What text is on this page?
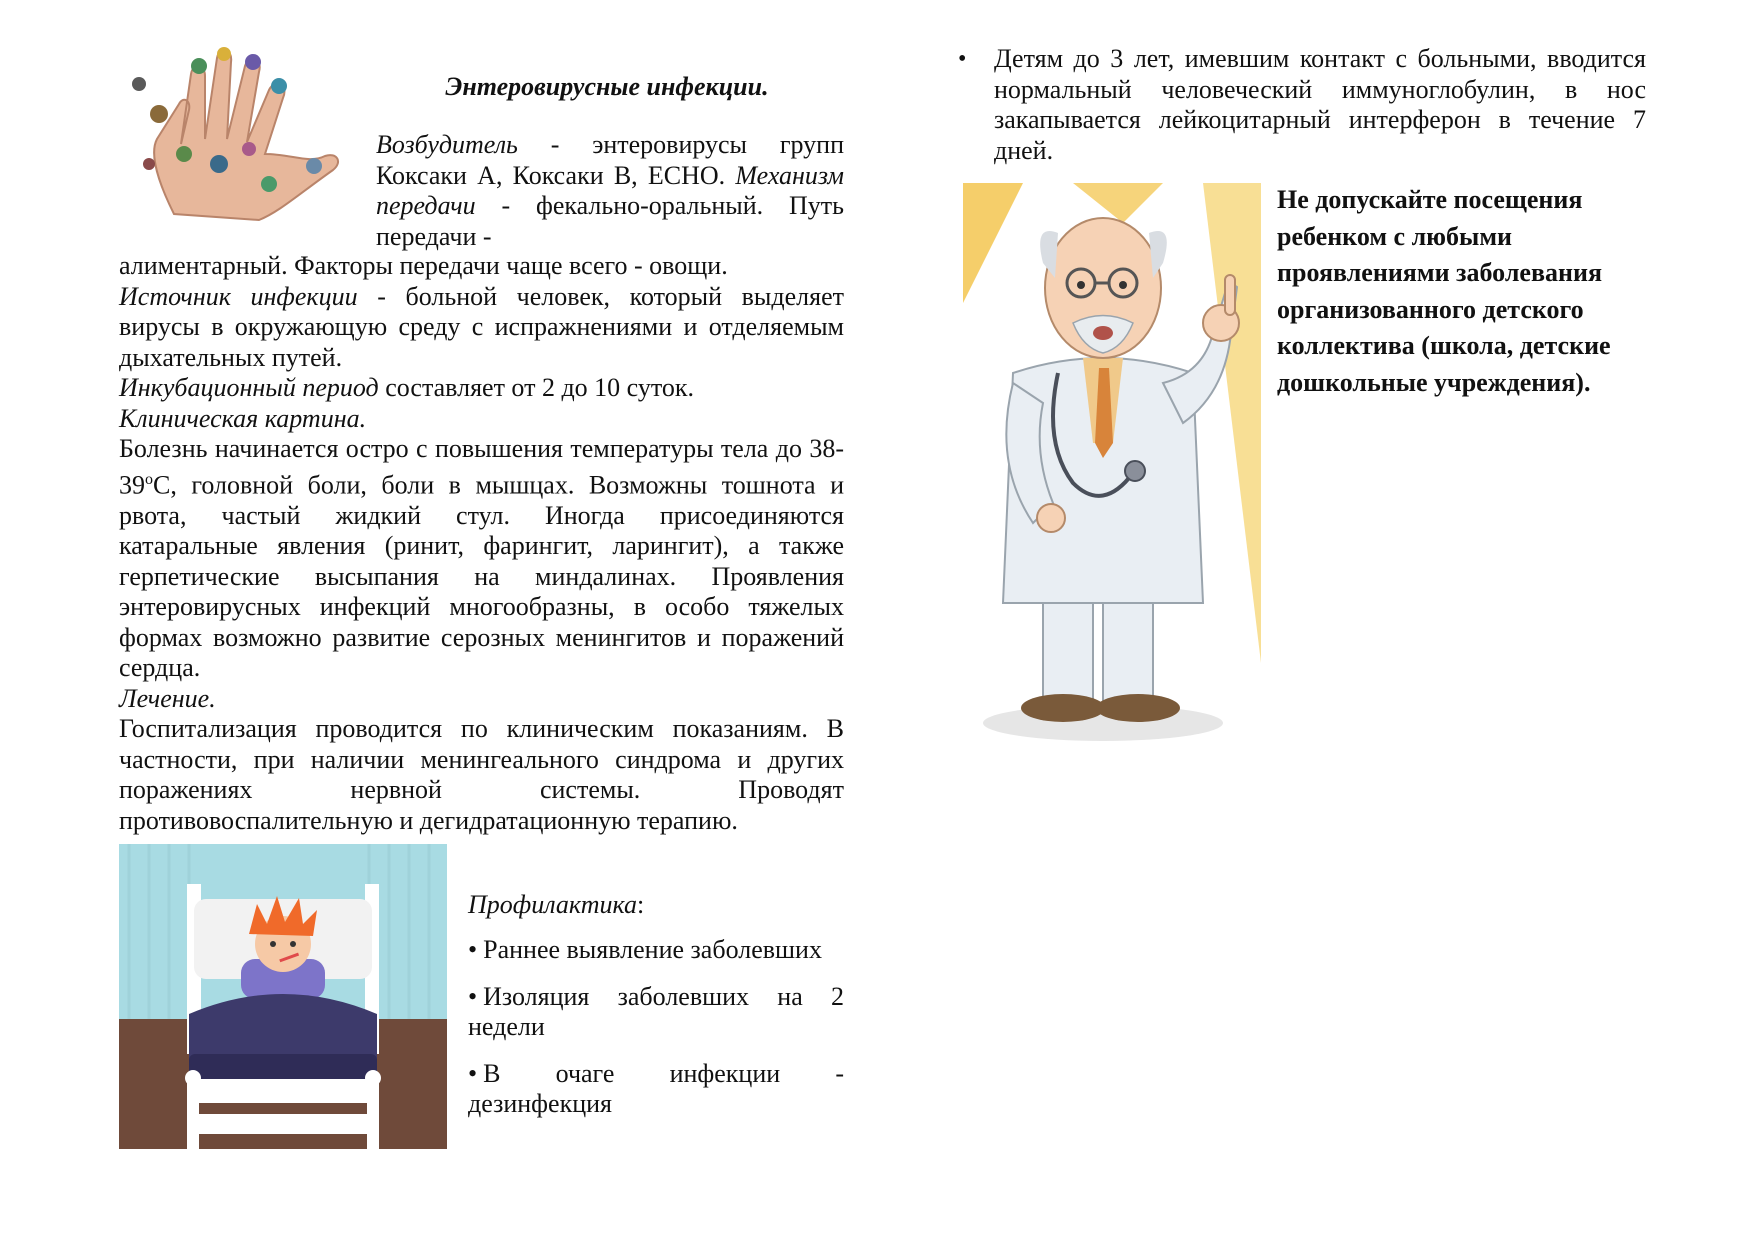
Энтеровирусные инфекции.
Возбудитель - энтеровирусы групп Коксаки А, Коксаки В, ЕСНО. Механизм передачи - фекально-оральный. Путь передачи -
алиментарный. Факторы передачи чаще всего - овощи.
Источник инфекции - больной человек, который выделяет вирусы в окружающую среду с испражнениями и отделяемым дыхательных путей.
Инкубационный период составляет от 2 до 10 суток.
Клиническая картина.
Болезнь начинается остро с повышения температуры тела до $38-39^оС$, головной боли, боли в мышцах. Возможны тошнота и рвота, частый жидкий стул. Иногда присоединяются катаральные явления (ринит, фарингит, ларингит), а также герпетические высыпания на миндалинах. Проявления энтеровирусных инфекций многообразны, в особо тяжелых формах возможно развитие серозных менингитов и поражений сердца.
Лечение.
Госпитализация проводится по клиническим показаниям. В частности, при наличии менингеального синдрома и других поражениях нервной системы. Проводят противовоспалительную и дегидратационную терапию.
Профилактика:
• Раннее выявление заболевших
• Изоляция заболевших на 2 недели
• В очаге инфекции - дезинфекция
• Детям до 3 лет, имевшим контакт с больными, вводится нормальный человеческий иммуноглобулин, в нос закапывается лейкоцитарный интерферон в течение 7 дней.
Не допускайте посещения ребенком с любыми проявлениями заболевания организованного детского коллектива (школа, детские дошкольные учреждения).
